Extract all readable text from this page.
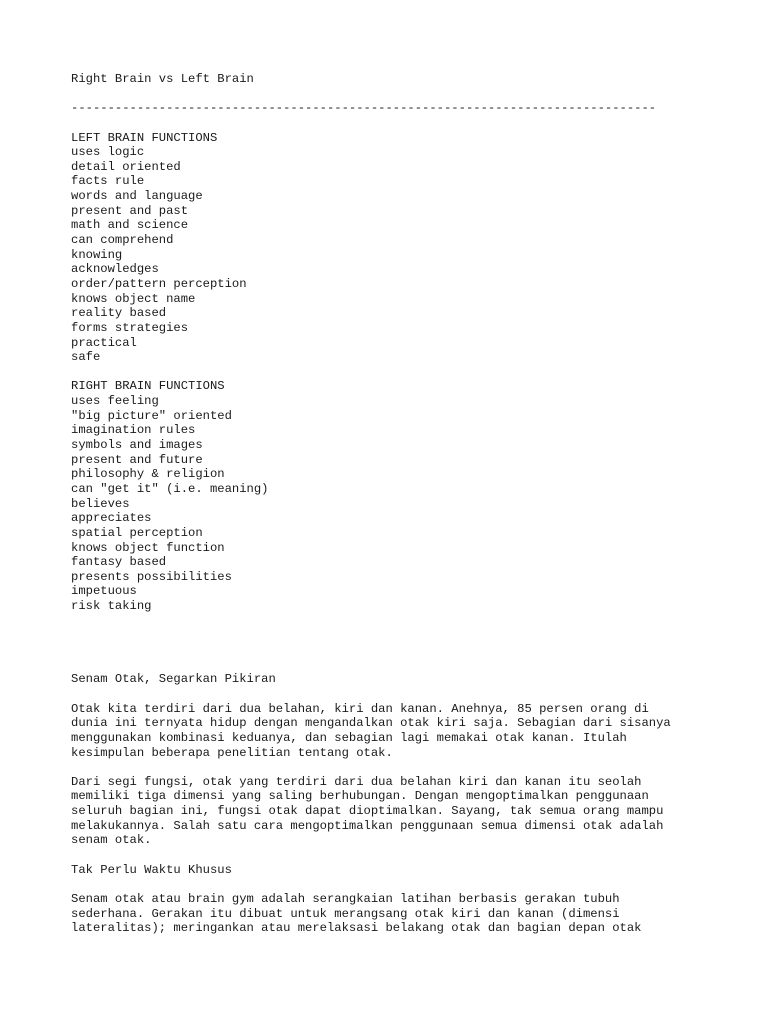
Right Brain vs Left Brain
--------------------------------------------------------------------------------
LEFT BRAIN FUNCTIONS
uses logic
detail oriented
facts rule
words and language
present and past
math and science
can comprehend
knowing
acknowledges
order/pattern perception
knows object name
reality based
forms strategies
practical
safe
RIGHT BRAIN FUNCTIONS
uses feeling
"big picture" oriented
imagination rules
symbols and images
present and future
philosophy & religion
can "get it" (i.e. meaning)
believes
appreciates
spatial perception
knows object function
fantasy based
presents possibilities
impetuous
risk taking
Senam Otak, Segarkan Pikiran
Otak kita terdiri dari dua belahan, kiri dan kanan. Anehnya, 85 persen orang di
dunia ini ternyata hidup dengan mengandalkan otak kiri saja. Sebagian dari sisanya
menggunakan kombinasi keduanya, dan sebagian lagi memakai otak kanan. Itulah
kesimpulan beberapa penelitian tentang otak.
Dari segi fungsi, otak yang terdiri dari dua belahan kiri dan kanan itu seolah
memiliki tiga dimensi yang saling berhubungan. Dengan mengoptimalkan penggunaan
seluruh bagian ini, fungsi otak dapat dioptimalkan. Sayang, tak semua orang mampu
melakukannya. Salah satu cara mengoptimalkan penggunaan semua dimensi otak adalah
senam otak.
Tak Perlu Waktu Khusus
Senam otak atau brain gym adalah serangkaian latihan berbasis gerakan tubuh
sederhana. Gerakan itu dibuat untuk merangsang otak kiri dan kanan (dimensi
lateralitas); meringankan atau merelaksasi belakang otak dan bagian depan otak
